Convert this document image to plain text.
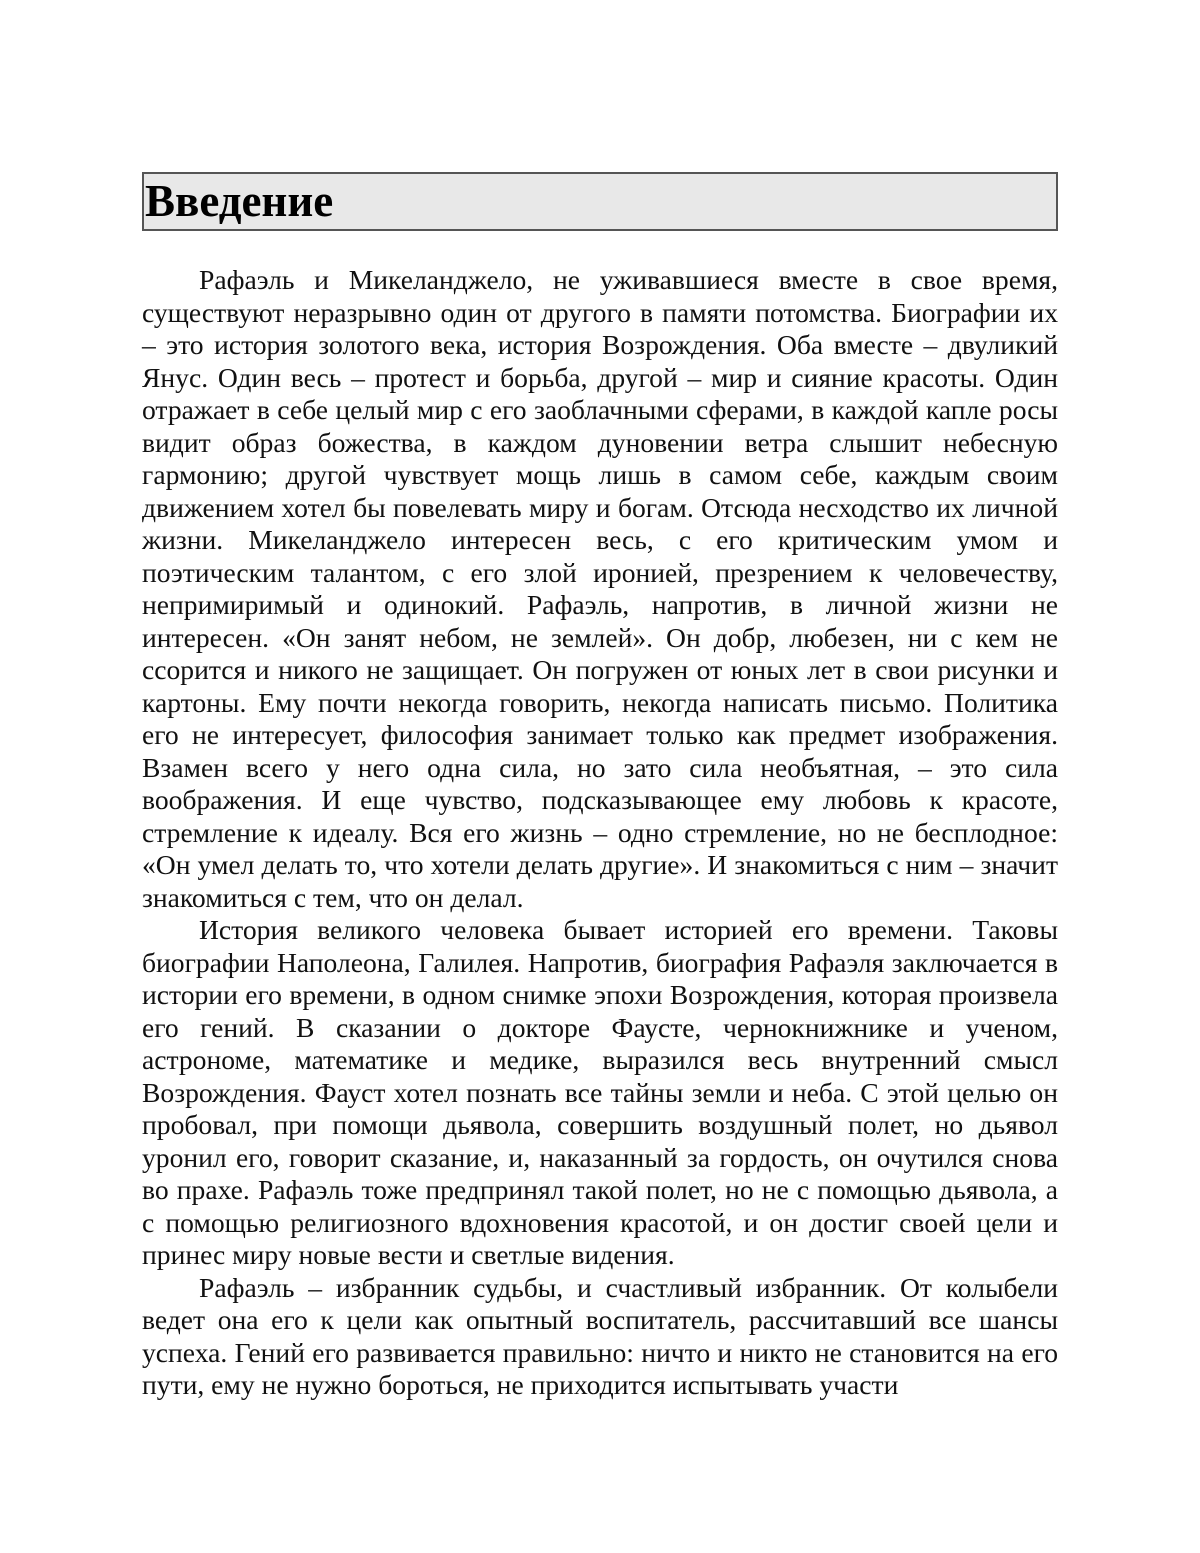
Введение

Рафаэль и Микеланджело, не уживавшиеся вместе в свое время, существуют неразрывно один от другого в памяти потомства. Биографии их – это история золотого века, история Возрождения. Оба вместе – двуликий Янус. Один весь – протест и борьба, другой – мир и сияние красоты. Один отражает в себе целый мир с его заоблачными сферами, в каждой капле росы видит образ божества, в каждом дуновении ветра слышит небесную гармонию; другой чувствует мощь лишь в самом себе, каждым своим движением хотел бы повелевать миру и богам. Отсюда несходство их личной жизни. Микеланджело интересен весь, с его критическим умом и поэтическим талантом, с его злой иронией, презрением к человечеству, непримиримый и одинокий. Рафаэль, напротив, в личной жизни не интересен. «Он занят небом, не землей». Он добр, любезен, ни с кем не ссорится и никого не защищает. Он погружен от юных лет в свои рисунки и картоны. Ему почти некогда говорить, некогда написать письмо. Политика его не интересует, философия занимает только как предмет изображения. Взамен всего у него одна сила, но зато сила необъятная, – это сила воображения. И еще чувство, подсказывающее ему любовь к красоте, стремление к идеалу. Вся его жизнь – одно стремление, но не бесплодное: «Он умел делать то, что хотели делать другие». И знакомиться с ним – значит знакомиться с тем, что он делал.

История великого человека бывает историей его времени. Таковы биографии Наполеона, Галилея. Напротив, биография Рафаэля заключается в истории его времени, в одном снимке эпохи Возрождения, которая произвела его гений. В сказании о докторе Фаусте, чернокнижнике и ученом, астрономе, математике и медике, выразился весь внутренний смысл Возрождения. Фауст хотел познать все тайны земли и неба. С этой целью он пробовал, при помощи дьявола, совершить воздушный полет, но дьявол уронил его, говорит сказание, и, наказанный за гордость, он очутился снова во прахе. Рафаэль тоже предпринял такой полет, но не с помощью дьявола, а с помощью религиозного вдохновения красотой, и он достиг своей цели и принес миру новые вести и светлые видения.

Рафаэль – избранник судьбы, и счастливый избранник. От колыбели ведет она его к цели как опытный воспитатель, рассчитавший все шансы успеха. Гений его развивается правильно: ничто и никто не становится на его пути, ему не нужно бороться, не приходится испытывать участи
